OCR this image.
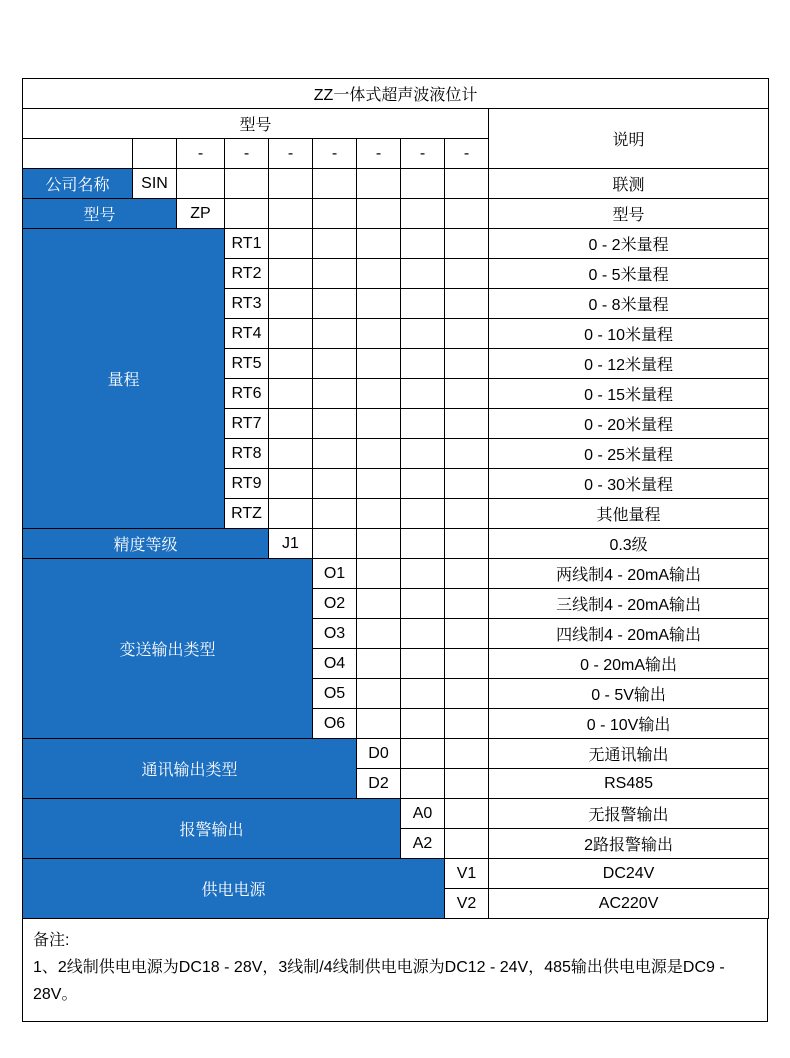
ZZ一体式超声波液位计									
型号									说明
		-	-	-	-	-	-	-	
公司名称	SIN								联测
型号		ZP							型号
量程			RT1						0 - 2米量程
			RT2						0 - 5米量程
			RT3						0 - 8米量程
			RT4						0 - 10米量程
			RT5						0 - 12米量程
			RT6						0 - 15米量程
			RT7						0 - 20米量程
			RT8						0 - 25米量程
			RT9						0 - 30米量程
			RTZ						其他量程
精度等级				J1					0.3级
变送输出类型					O1				两线制4 - 20mA输出
					O2				三线制4 - 20mA输出
					O3				四线制4 - 20mA输出
					O4				0 - 20mA输出
					O5				0 - 5V输出
					O6				0 - 10V输出
通讯输出类型						D0			无通讯输出
						D2			RS485
报警输出							A0		无报警输出
							A2		2路报警输出
供电电源								V1	DC24V
								V2	AC220V
备注:
1、2线制供电电源为DC18 - 28V，3线制/4线制供电电源为DC12 - 24V，485输出供电电源是DC9 - 28V。
